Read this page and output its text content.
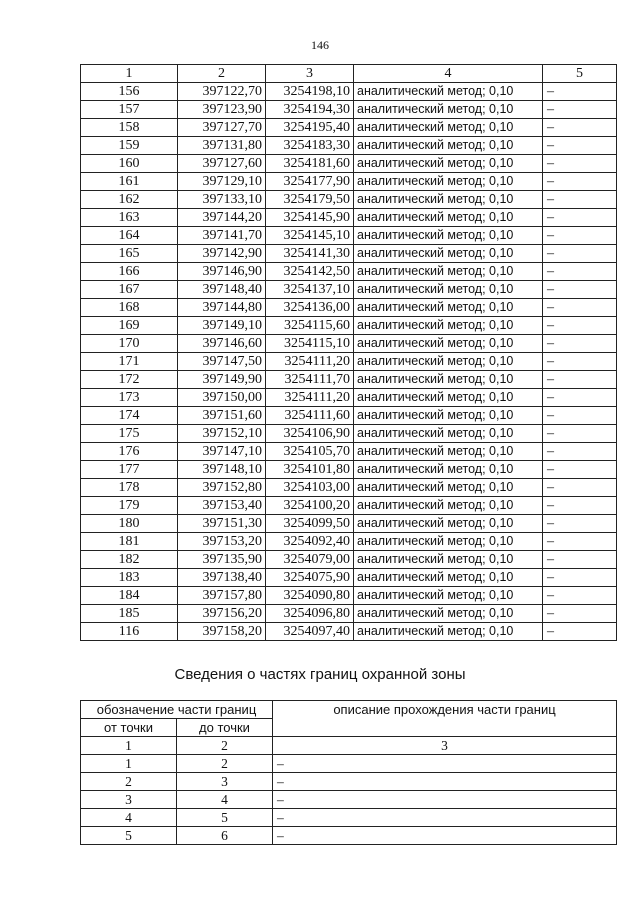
146
1	2	3	4	5
156	397122,70	3254198,10	аналитический метод; 0,10	–
157	397123,90	3254194,30	аналитический метод; 0,10	–
158	397127,70	3254195,40	аналитический метод; 0,10	–
159	397131,80	3254183,30	аналитический метод; 0,10	–
160	397127,60	3254181,60	аналитический метод; 0,10	–
161	397129,10	3254177,90	аналитический метод; 0,10	–
162	397133,10	3254179,50	аналитический метод; 0,10	–
163	397144,20	3254145,90	аналитический метод; 0,10	–
164	397141,70	3254145,10	аналитический метод; 0,10	–
165	397142,90	3254141,30	аналитический метод; 0,10	–
166	397146,90	3254142,50	аналитический метод; 0,10	–
167	397148,40	3254137,10	аналитический метод; 0,10	–
168	397144,80	3254136,00	аналитический метод; 0,10	–
169	397149,10	3254115,60	аналитический метод; 0,10	–
170	397146,60	3254115,10	аналитический метод; 0,10	–
171	397147,50	3254111,20	аналитический метод; 0,10	–
172	397149,90	3254111,70	аналитический метод; 0,10	–
173	397150,00	3254111,20	аналитический метод; 0,10	–
174	397151,60	3254111,60	аналитический метод; 0,10	–
175	397152,10	3254106,90	аналитический метод; 0,10	–
176	397147,10	3254105,70	аналитический метод; 0,10	–
177	397148,10	3254101,80	аналитический метод; 0,10	–
178	397152,80	3254103,00	аналитический метод; 0,10	–
179	397153,40	3254100,20	аналитический метод; 0,10	–
180	397151,30	3254099,50	аналитический метод; 0,10	–
181	397153,20	3254092,40	аналитический метод; 0,10	–
182	397135,90	3254079,00	аналитический метод; 0,10	–
183	397138,40	3254075,90	аналитический метод; 0,10	–
184	397157,80	3254090,80	аналитический метод; 0,10	–
185	397156,20	3254096,80	аналитический метод; 0,10	–
116	397158,20	3254097,40	аналитический метод; 0,10	–
Сведения о частях границ охранной зоны
обозначение части границ		описание прохождения части границ
от точки	до точки	
1	2	3
1	2	–
2	3	–
3	4	–
4	5	–
5	6	–
